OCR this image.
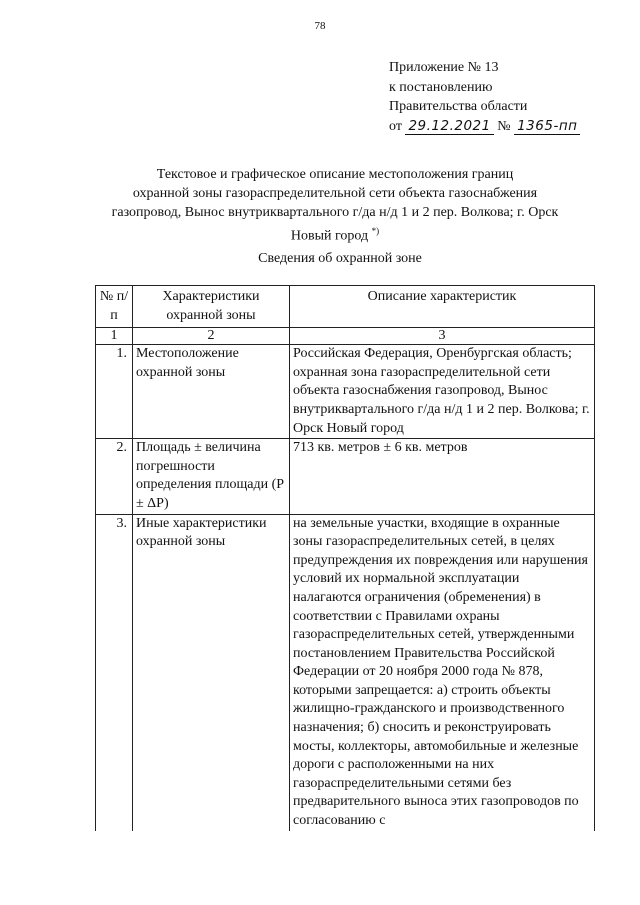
78
Приложение № 13
к постановлению
Правительства области
от 29.12.2021 № 1365-пп
Текстовое и графическое описание местоположения границ
охранной зоны газораспределительной сети объекта газоснабжения
газопровод, Вынос внутриквартального г/да н/д 1 и 2 пер. Волкова; г. Орск
Новый город *)
Сведения об охранной зоне
№ п/п	Характеристики охранной зоны	Описание характеристик
1	2	3
1.	Местоположение охранной зоны	Российская Федерация, Оренбургская область; охранная зона газораспределительной сети объекта газоснабжения газопровод, Вынос внутриквартального г/да н/д 1 и 2 пер. Волкова; г. Орск Новый город
2.	Площадь ± величина погрешности определения площади (P ± ΔP)	713 кв. метров ± 6 кв. метров
3.	Иные характеристики охранной зоны	на земельные участки, входящие в охранные зоны газораспределительных сетей, в целях предупреждения их повреждения или нарушения условий их нормальной эксплуатации налагаются ограничения (обременения) в соответствии с Правилами охраны газораспределительных сетей, утвержденными постановлением Правительства Российской Федерации от 20 ноября 2000 года № 878, которыми запрещается: а) строить объекты жилищно-гражданского и производственного назначения; б) сносить и реконструировать мосты, коллекторы, автомобильные и железные дороги с расположенными на них газораспределительными сетями без предварительного выноса этих газопроводов по согласованию с
